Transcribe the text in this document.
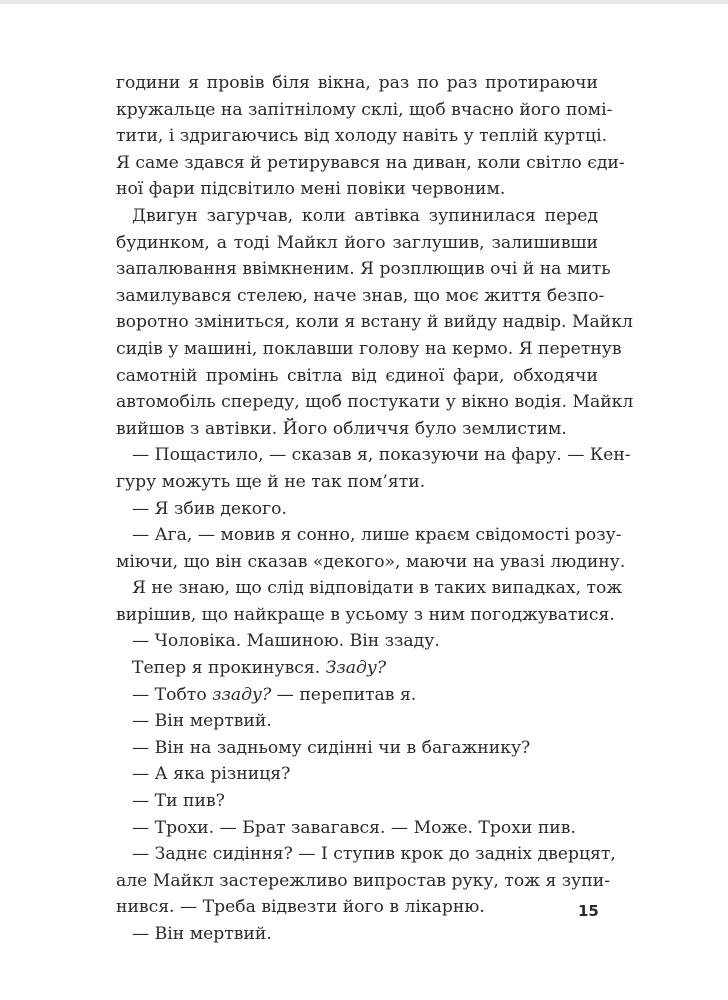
години я провів біля вікна, раз по раз протираючи
кружальце на запітнілому склі, щоб вчасно його помі-
тити, і здригаючись від холоду навіть у теплій куртці.
Я саме здався й ретирувався на диван, коли світло єди-
ної фари підсвітило мені повіки червоним.
Двигун загурчав, коли автівка зупинилася перед
будинком, а тоді Майкл його заглушив, залишивши
запалювання ввімкненим. Я розплющив очі й на мить
замилувався стелею, наче знав, що моє життя безпо-
воротно зміниться, коли я встану й вийду надвір. Майкл
сидів у машині, поклавши голову на кермо. Я перетнув
самотній промінь світла від єдиної фари, обходячи
автомобіль спереду, щоб постукати у вікно водія. Майкл
вийшов з автівки. Його обличчя було землистим.
— Пощастило, — сказав я, показуючи на фару. — Кен-
гуру можуть ще й не так пом’яти.
— Я збив декого.
— Ага, — мовив я сонно, лише краєм свідомості розу-
міючи, що він сказав «декого», маючи на увазі людину.
Я не знаю, що слід відповідати в таких випадках, тож
вирішив, що найкраще в усьому з ним погоджуватися.
— Чоловіка. Машиною. Він ззаду.
Тепер я прокинувся. Ззаду?
— Тобто ззаду? — перепитав я.
— Він мертвий.
— Він на задньому сидінні чи в багажнику?
— А яка різниця?
— Ти пив?
— Трохи. — Брат завагався. — Може. Трохи пив.
— Заднє сидіння? — І ступив крок до задніх дверцят,
але Майкл застережливо випростав руку, тож я зупи-
нився. — Треба відвезти його в лікарню.
— Він мертвий.
15
